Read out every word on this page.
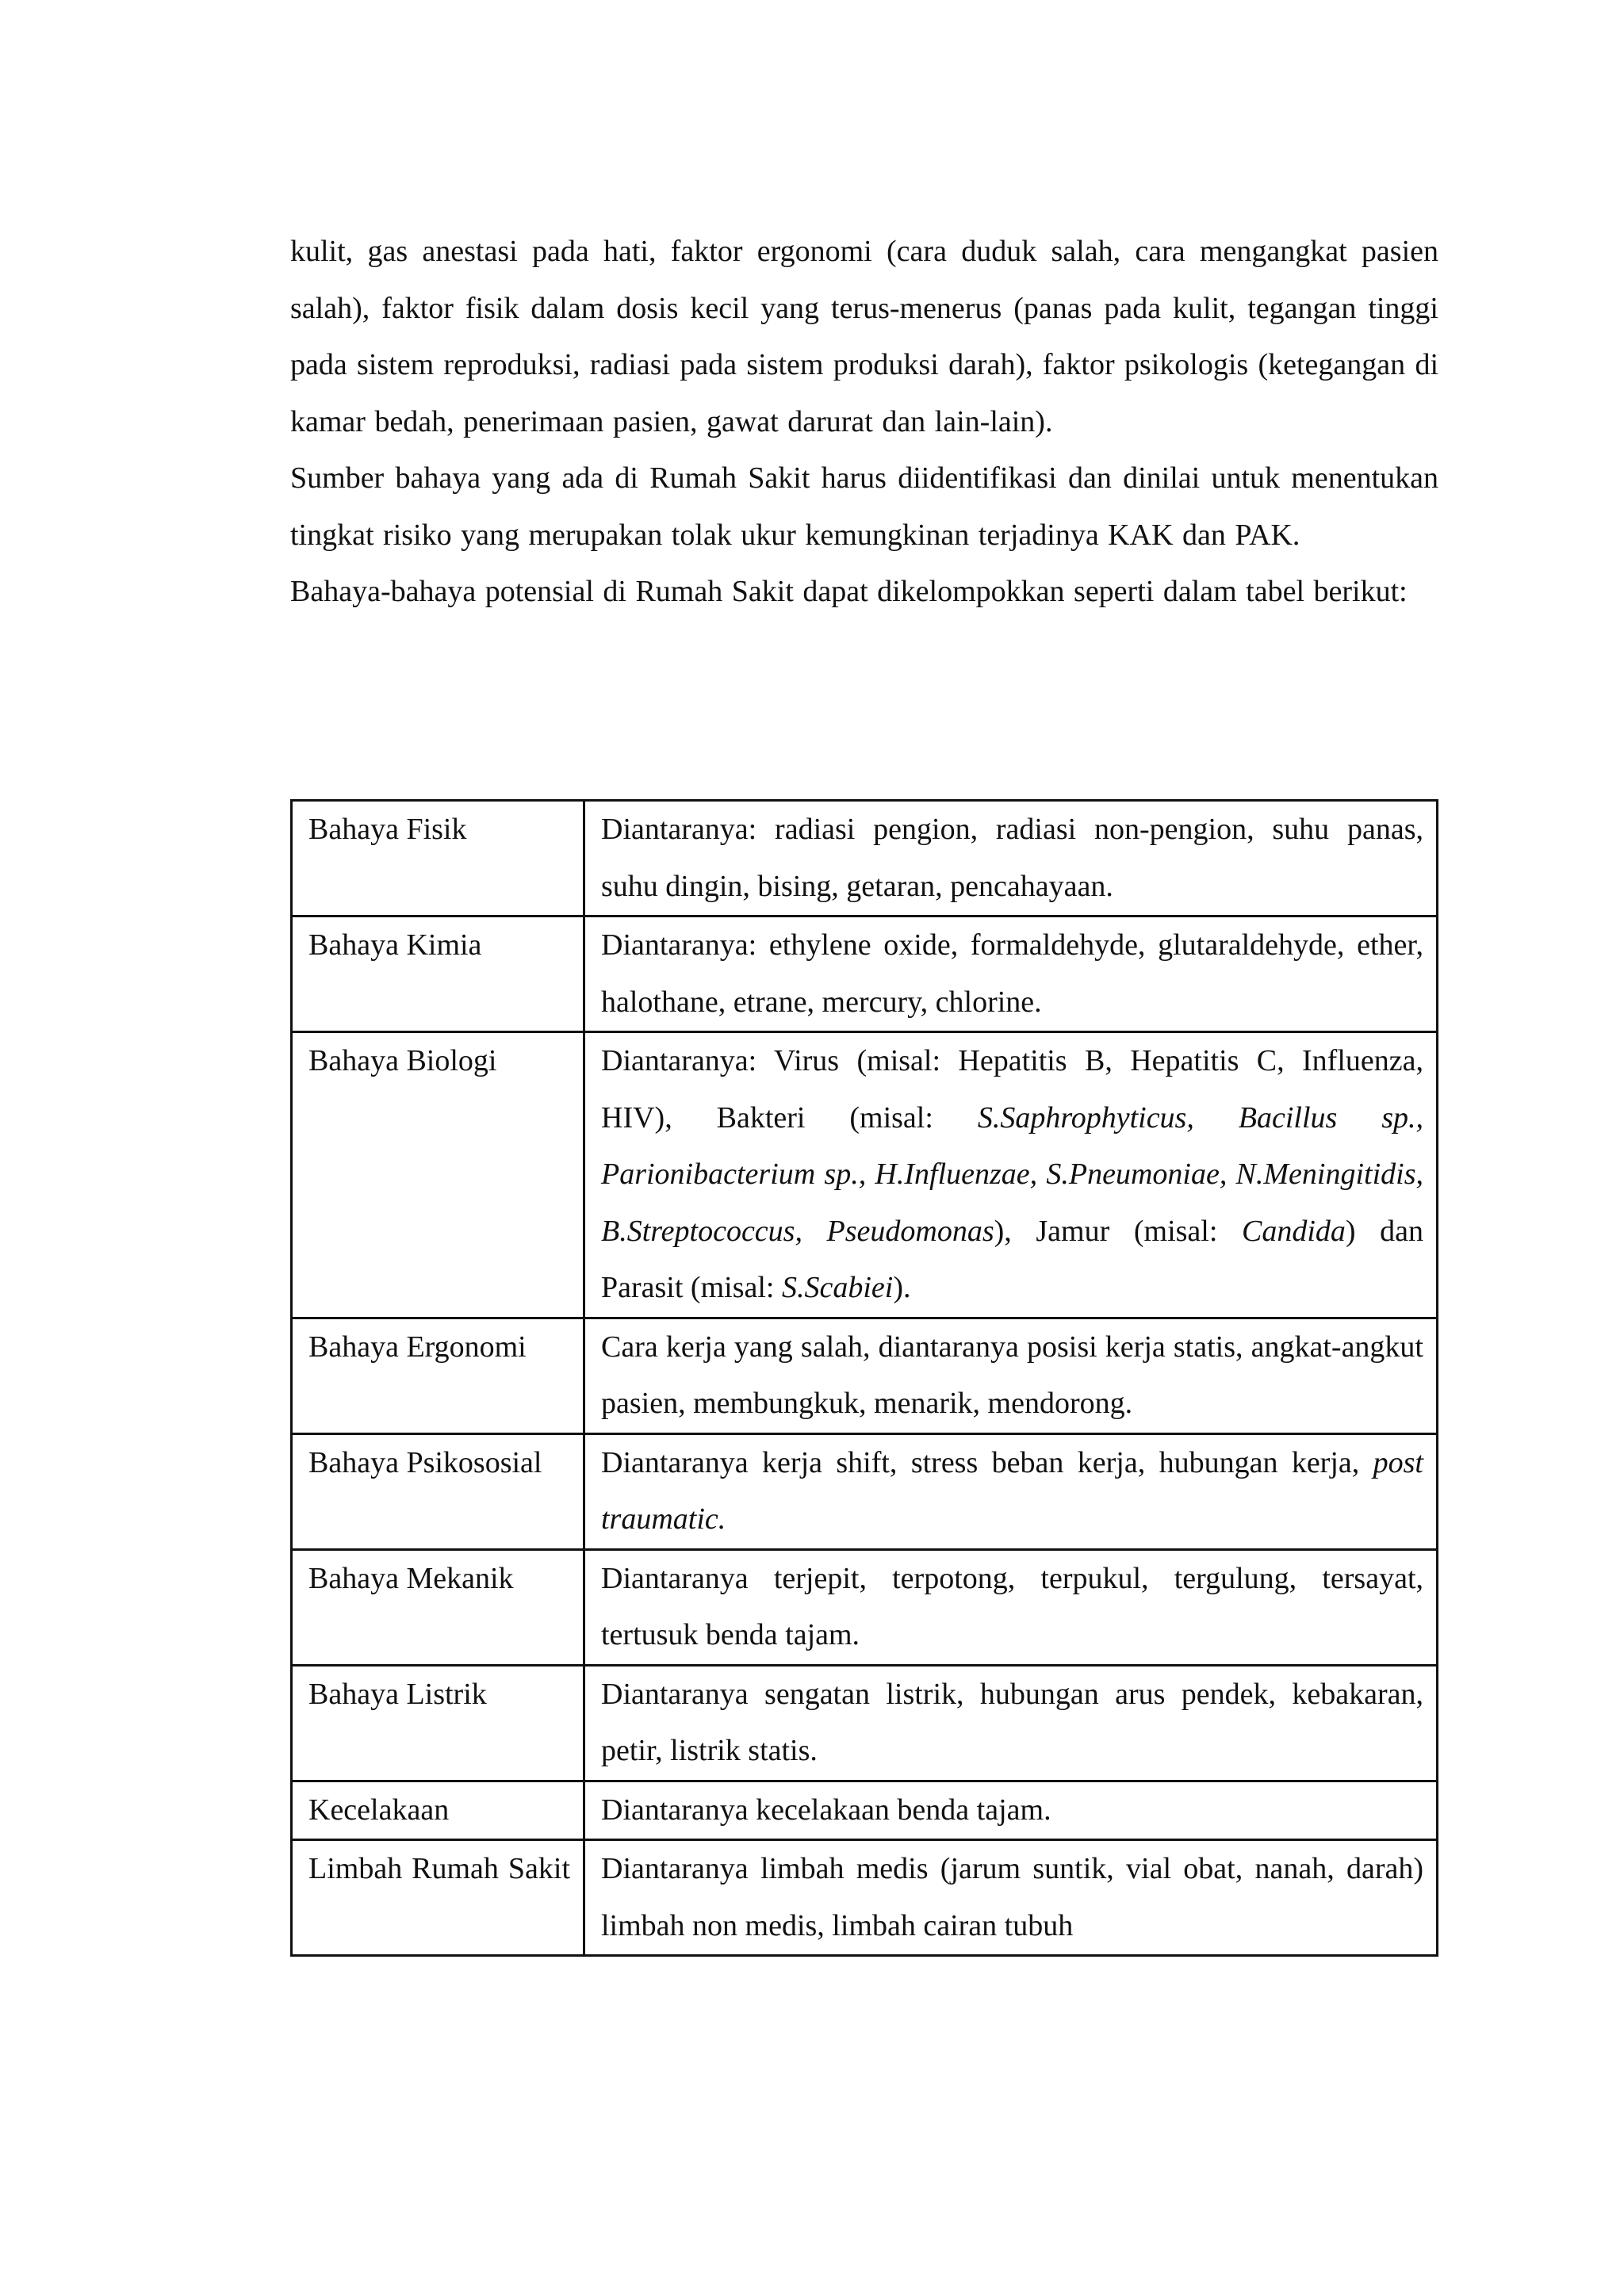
kulit, gas anestasi pada hati, faktor ergonomi (cara duduk salah, cara mengangkat pasien salah), faktor fisik dalam dosis kecil yang terus-menerus (panas pada kulit, tegangan tinggi pada sistem reproduksi, radiasi pada sistem produksi darah), faktor psikologis (ketegangan di kamar bedah, penerimaan pasien, gawat darurat dan lain-lain).

Sumber bahaya yang ada di Rumah Sakit harus diidentifikasi dan dinilai untuk menentukan tingkat risiko yang merupakan tolak ukur kemungkinan terjadinya KAK dan PAK.

Bahaya-bahaya potensial di Rumah Sakit dapat dikelompokkan seperti dalam tabel berikut:

Bahaya Fisik	Diantaranya: radiasi pengion, radiasi non-pengion, suhu panas, suhu dingin, bising, getaran, pencahayaan.
Bahaya Kimia	Diantaranya: ethylene oxide, formaldehyde, glutaraldehyde, ether, halothane, etrane, mercury, chlorine.
Bahaya Biologi	Diantaranya: Virus (misal: Hepatitis B, Hepatitis C, Influenza, HIV), Bakteri (misal: S.Saphrophyticus, Bacillus sp., Parionibacterium sp., H.Influenzae, S.Pneumoniae, N.Meningitidis, B.Streptococcus, Pseudomonas), Jamur (misal: Candida) dan Parasit (misal: S.Scabiei).
Bahaya Ergonomi	Cara kerja yang salah, diantaranya posisi kerja statis, angkat-angkut pasien, membungkuk, menarik, mendorong.
Bahaya Psikososial	Diantaranya kerja shift, stress beban kerja, hubungan kerja, post traumatic.
Bahaya Mekanik	Diantaranya terjepit, terpotong, terpukul, tergulung, tersayat, tertusuk benda tajam.
Bahaya Listrik	Diantaranya sengatan listrik, hubungan arus pendek, kebakaran, petir, listrik statis.
Kecelakaan	Diantaranya kecelakaan benda tajam.
Limbah Rumah Sakit	Diantaranya limbah medis (jarum suntik, vial obat, nanah, darah) limbah non medis, limbah cairan tubuh
